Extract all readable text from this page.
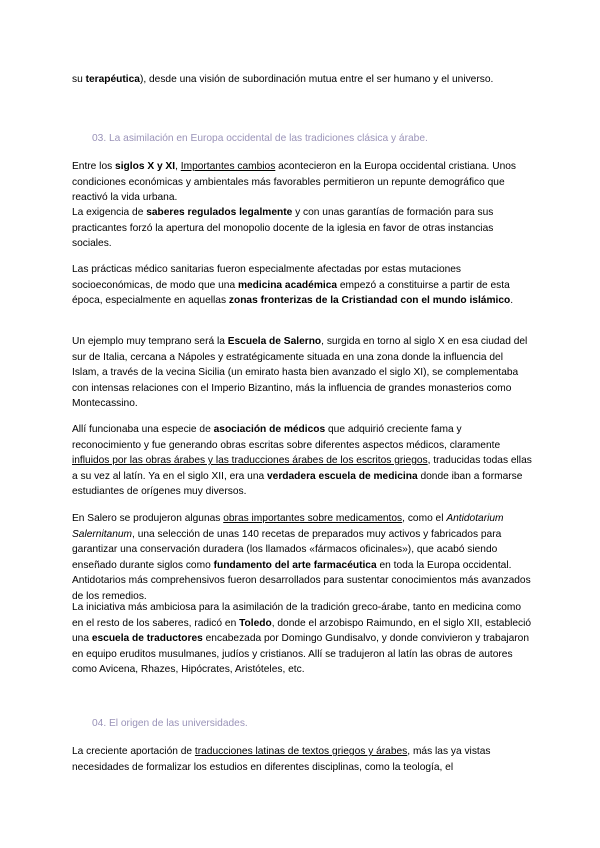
su terapéutica), desde una visión de subordinación mutua entre el ser humano y el universo.

03. La asimilación en Europa occidental de las tradiciones clásica y árabe.

Entre los siglos X y XI, Importantes cambios acontecieron en la Europa occidental cristiana. Unos condiciones económicas y ambientales más favorables permitieron un repunte demográfico que reactivó la vida urbana.

La exigencia de saberes regulados legalmente y con unas garantías de formación para sus practicantes forzó la apertura del monopolio docente de la iglesia en favor de otras instancias sociales.

Las prácticas médico sanitarias fueron especialmente afectadas por estas mutaciones socioeconómicas, de modo que una medicina académica empezó a constituirse a partir de esta época, especialmente en aquellas zonas fronterizas de la Cristiandad con el mundo islámico.

Un ejemplo muy temprano será la Escuela de Salerno, surgida en torno al siglo X en esa ciudad del sur de Italia, cercana a Nápoles y estratégicamente situada en una zona donde la influencia del Islam, a través de la vecina Sicilia (un emirato hasta bien avanzado el siglo XI), se complementaba con intensas relaciones con el Imperio Bizantino, más la influencia de grandes monasterios como Montecassino.

Allí funcionaba una especie de asociación de médicos que adquirió creciente fama y reconocimiento y fue generando obras escritas sobre diferentes aspectos médicos, claramente influidos por las obras árabes y las traducciones árabes de los escritos griegos, traducidas todas ellas a su vez al latín. Ya en el siglo XII, era una verdadera escuela de medicina donde iban a formarse estudiantes de orígenes muy diversos.

En Salero se produjeron algunas obras importantes sobre medicamentos, como el Antidotarium Salernitanum, una selección de unas 140 recetas de preparados muy activos y fabricados para garantizar una conservación duradera (los llamados «fármacos oficinales»), que acabó siendo enseñado durante siglos como fundamento del arte farmacéutica en toda la Europa occidental. Antidotarios más comprehensivos fueron desarrollados para sustentar conocimientos más avanzados de los remedios.

La iniciativa más ambiciosa para la asimilación de la tradición greco-árabe, tanto en medicina como en el resto de los saberes, radicó en Toledo, donde el arzobispo Raimundo, en el siglo XII, estableció una escuela de traductores encabezada por Domingo Gundisalvo, y donde convivieron y trabajaron en equipo eruditos musulmanes, judíos y cristianos. Allí se tradujeron al latín las obras de autores como Avicena, Rhazes, Hipócrates, Aristóteles, etc.

04. El origen de las universidades.

La creciente aportación de traducciones latinas de textos griegos y árabes, más las ya vistas necesidades de formalizar los estudios en diferentes disciplinas, como la teología, el
